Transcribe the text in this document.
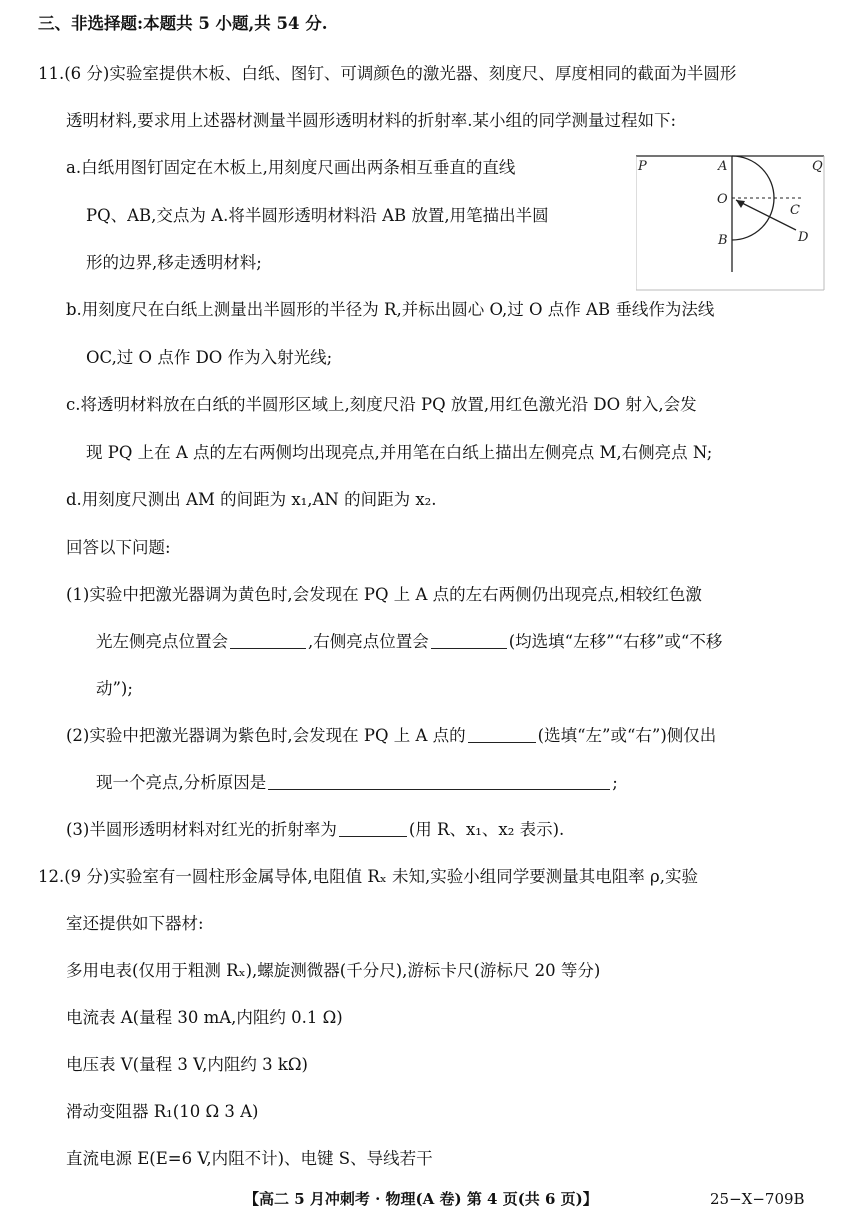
三、非选择题:本题共 5 小题,共 54 分.
11.(6 分)实验室提供木板、白纸、图钉、可调颜色的激光器、刻度尺、厚度相同的截面为半圆形
透明材料,要求用上述器材测量半圆形透明材料的折射率.某小组的同学测量过程如下:
a.白纸用图钉固定在木板上,用刻度尺画出两条相互垂直的直线
PQ、AB,交点为 A.将半圆形透明材料沿 AB 放置,用笔描出半圆
形的边界,移走透明材料;
b.用刻度尺在白纸上测量出半圆形的半径为 R,并标出圆心 O,过 O 点作 AB 垂线作为法线
OC,过 O 点作 DO 作为入射光线;
c.将透明材料放在白纸的半圆形区域上,刻度尺沿 PQ 放置,用红色激光沿 DO 射入,会发
现 PQ 上在 A 点的左右两侧均出现亮点,并用笔在白纸上描出左侧亮点 M,右侧亮点 N;
d.用刻度尺测出 AM 的间距为 x₁,AN 的间距为 x₂.
回答以下问题:
(1)实验中把激光器调为黄色时,会发现在 PQ 上 A 点的左右两侧仍出现亮点,相较红色激
光左侧亮点位置会	,右侧亮点位置会	(均选填“左移”“右移”或“不移
动”);
(2)实验中把激光器调为紫色时,会发现在 PQ 上 A 点的	(选填“左”或“右”)侧仅出
现一个亮点,分析原因是	;
(3)半圆形透明材料对红光的折射率为	(用 R、x₁、x₂ 表示).
12.(9 分)实验室有一圆柱形金属导体,电阻值 Rₓ 未知,实验小组同学要测量其电阻率 ρ,实验
室还提供如下器材:
多用电表(仅用于粗测 Rₓ),螺旋测微器(千分尺),游标卡尺(游标尺 20 等分)
电流表 A(量程 30 mA,内阻约 0.1 Ω)
电压表 V(量程 3 V,内阻约 3 kΩ)
滑动变阻器 R₁(10 Ω 3 A)
直流电源 E(E=6 V,内阻不计)、电键 S、导线若干
【高二 5 月冲刺考 · 物理(A 卷) 第 4 页(共 6 页)】	25−X−709B
P	Q
A
O
B
C
D
